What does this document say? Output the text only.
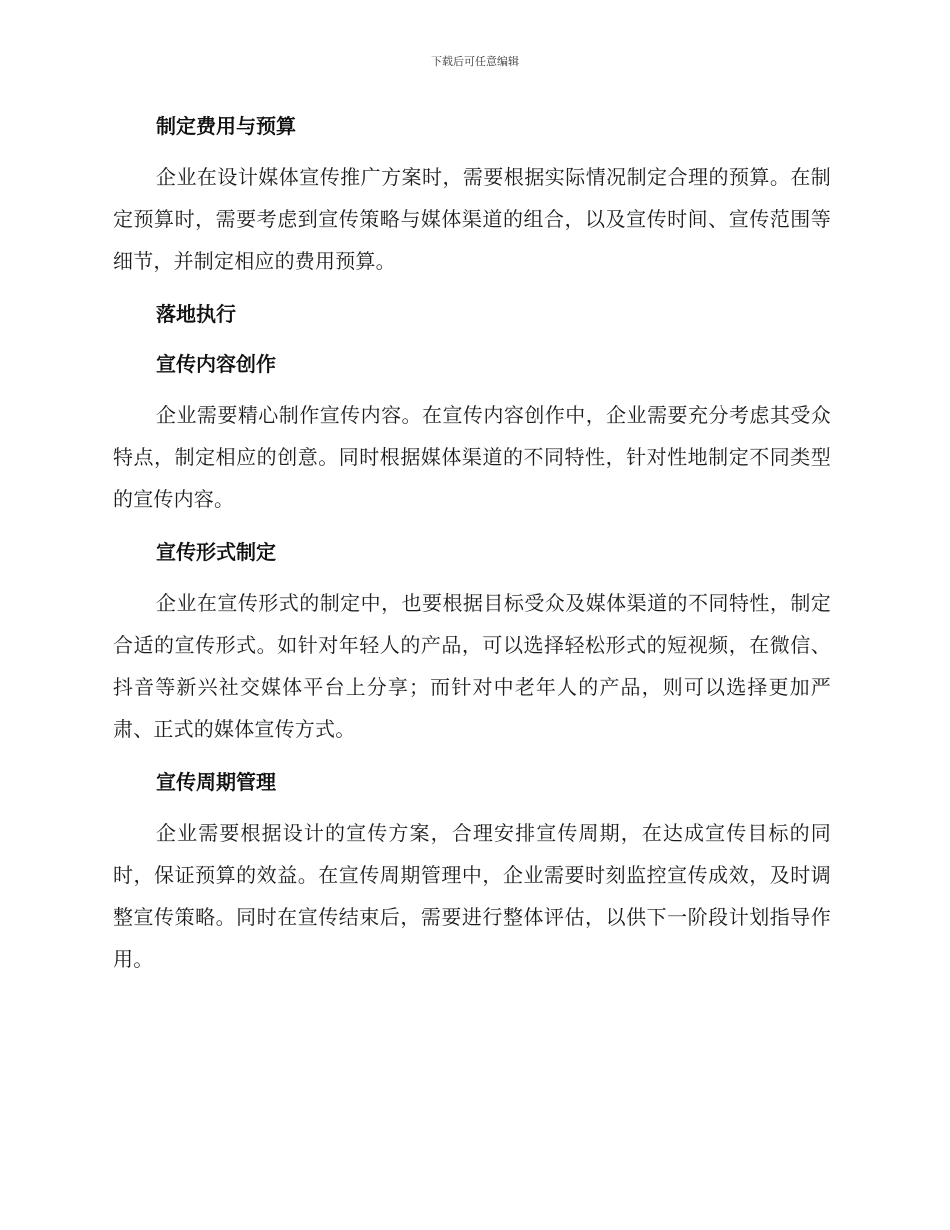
下载后可任意编辑
制定费用与预算

企业在设计媒体宣传推广方案时，需要根据实际情况制定合理的预算。在制定预算时，需要考虑到宣传策略与媒体渠道的组合，以及宣传时间、宣传范围等细节，并制定相应的费用预算。

落地执行
宣传内容创作

企业需要精心制作宣传内容。在宣传内容创作中，企业需要充分考虑其受众特点，制定相应的创意。同时根据媒体渠道的不同特性，针对性地制定不同类型的宣传内容。

宣传形式制定

企业在宣传形式的制定中，也要根据目标受众及媒体渠道的不同特性，制定合适的宣传形式。如针对年轻人的产品，可以选择轻松形式的短视频，在微信、抖音等新兴社交媒体平台上分享；而针对中老年人的产品，则可以选择更加严肃、正式的媒体宣传方式。

宣传周期管理

企业需要根据设计的宣传方案，合理安排宣传周期，在达成宣传目标的同时，保证预算的效益。在宣传周期管理中，企业需要时刻监控宣传成效，及时调整宣传策略。同时在宣传结束后，需要进行整体评估，以供下一阶段计划指导作用。
